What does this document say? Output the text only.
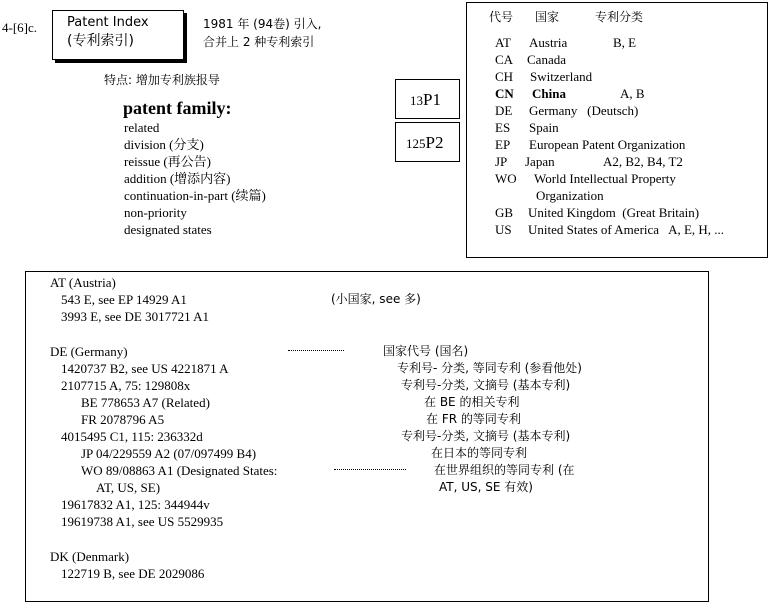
4-[6]c. Patent Index
(专利索引)
1981 年 (94卷) 引入,
合并上 2 种专利索引
特点: 增加专利族报导
patent family:
related
division (分支)
reissue (再公告)
addition (增添内容)
continuation-in-part (续篇)
non-priority
designated states
13P1
125P2
代号 国家	专利分类
AT Austria	B, E
CA Canada
CH Switzerland
CN China	A, B
DE Germany   (Deutsch)
ES Spain
EP European Patent Organization
JP Japan	A2, B2, B4, T2
WO World Intellectual Property
Organization
GB United Kingdom  (Great Britain)
US United States of America   A, E, H, ...
AT (Austria)
543 E, see EP 14929 A1
3993 E, see DE 3017721 A1
DE (Germany)
1420737 B2, see US 4221871 A
2107715 A, 75: 129808x
BE 778653 A7 (Related)
FR 2078796 A5
4015495 C1, 115: 236332d
JP 04/229559 A2 (07/097499 B4)
WO 89/08863 A1 (Designated States:
AT, US, SE)
19617832 A1, 125: 344944v
19619738 A1, see US 5529935
DK (Denmark)
122719 B, see DE 2029086
(小国家, see 多)
国家代号 (国名)
专利号- 分类, 等同专利 (参看他处)
专利号-分类, 文摘号 (基本专利)
在 BE 的相关专利
在 FR 的等同专利
专利号-分类, 文摘号 (基本专利)
在日本的等同专利
在世界组织的等同专利 (在
AT, US, SE 有效)
